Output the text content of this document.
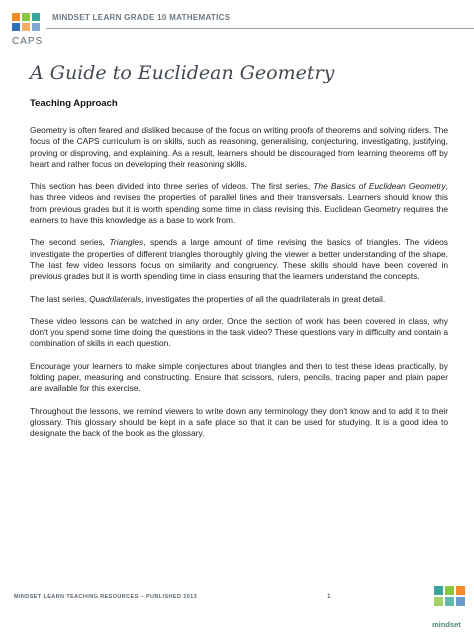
CAPS
MINDSET LEARN GRADE 10 MATHEMATICS
A Guide to Euclidean Geometry
Teaching Approach

Geometry is often feared and disliked because of the focus on writing proofs of theorems and solving riders. The focus of the CAPS curriculum is on skills, such as reasoning, generalising, conjecturing, investigating, justifying, proving or disproving, and explaining. As a result, learners should be discouraged from learning theorems off by heart and rather focus on developing their reasoning skills.

This section has been divided into three series of videos. The first series, The Basics of Euclidean Geometry, has three videos and revises the properties of parallel lines and their transversals. Learners should know this from previous grades but it is worth spending some time in class revising this. Euclidean Geometry requires the earners to have this knowledge as a base to work from.

The second series, Triangles, spends a large amount of time revising the basics of triangles. The videos investigate the properties of different triangles thoroughly giving the viewer a better understanding of the shape. The last few video lessons focus on similarity and congruency. These skills should have been covered in previous grades but it is worth spending time in class ensuring that the learners understand the concepts.

The last series, Quadrilaterals, investigates the properties of all the quadrilaterals in great detail.

These video lessons can be watched in any order. Once the section of work has been covered in class, why don't you spend some time doing the questions in the task video? These questions vary in difficulty and contain a combination of skills in each question.

Encourage your learners to make simple conjectures about triangles and then to test these ideas practically, by folding paper, measuring and constructing. Ensure that scissors, rulers, pencils, tracing paper and plain paper are available for this exercise.

Throughout the lessons, we remind viewers to write down any terminology they don't know and to add it to their glossary. This glossary should be kept in a safe place so that it can be used for studying. It is a good idea to designate the back of the book as the glossary.

MINDSET LEARN TEACHING RESOURCES – PUBLISHED 2013	1
mindset
